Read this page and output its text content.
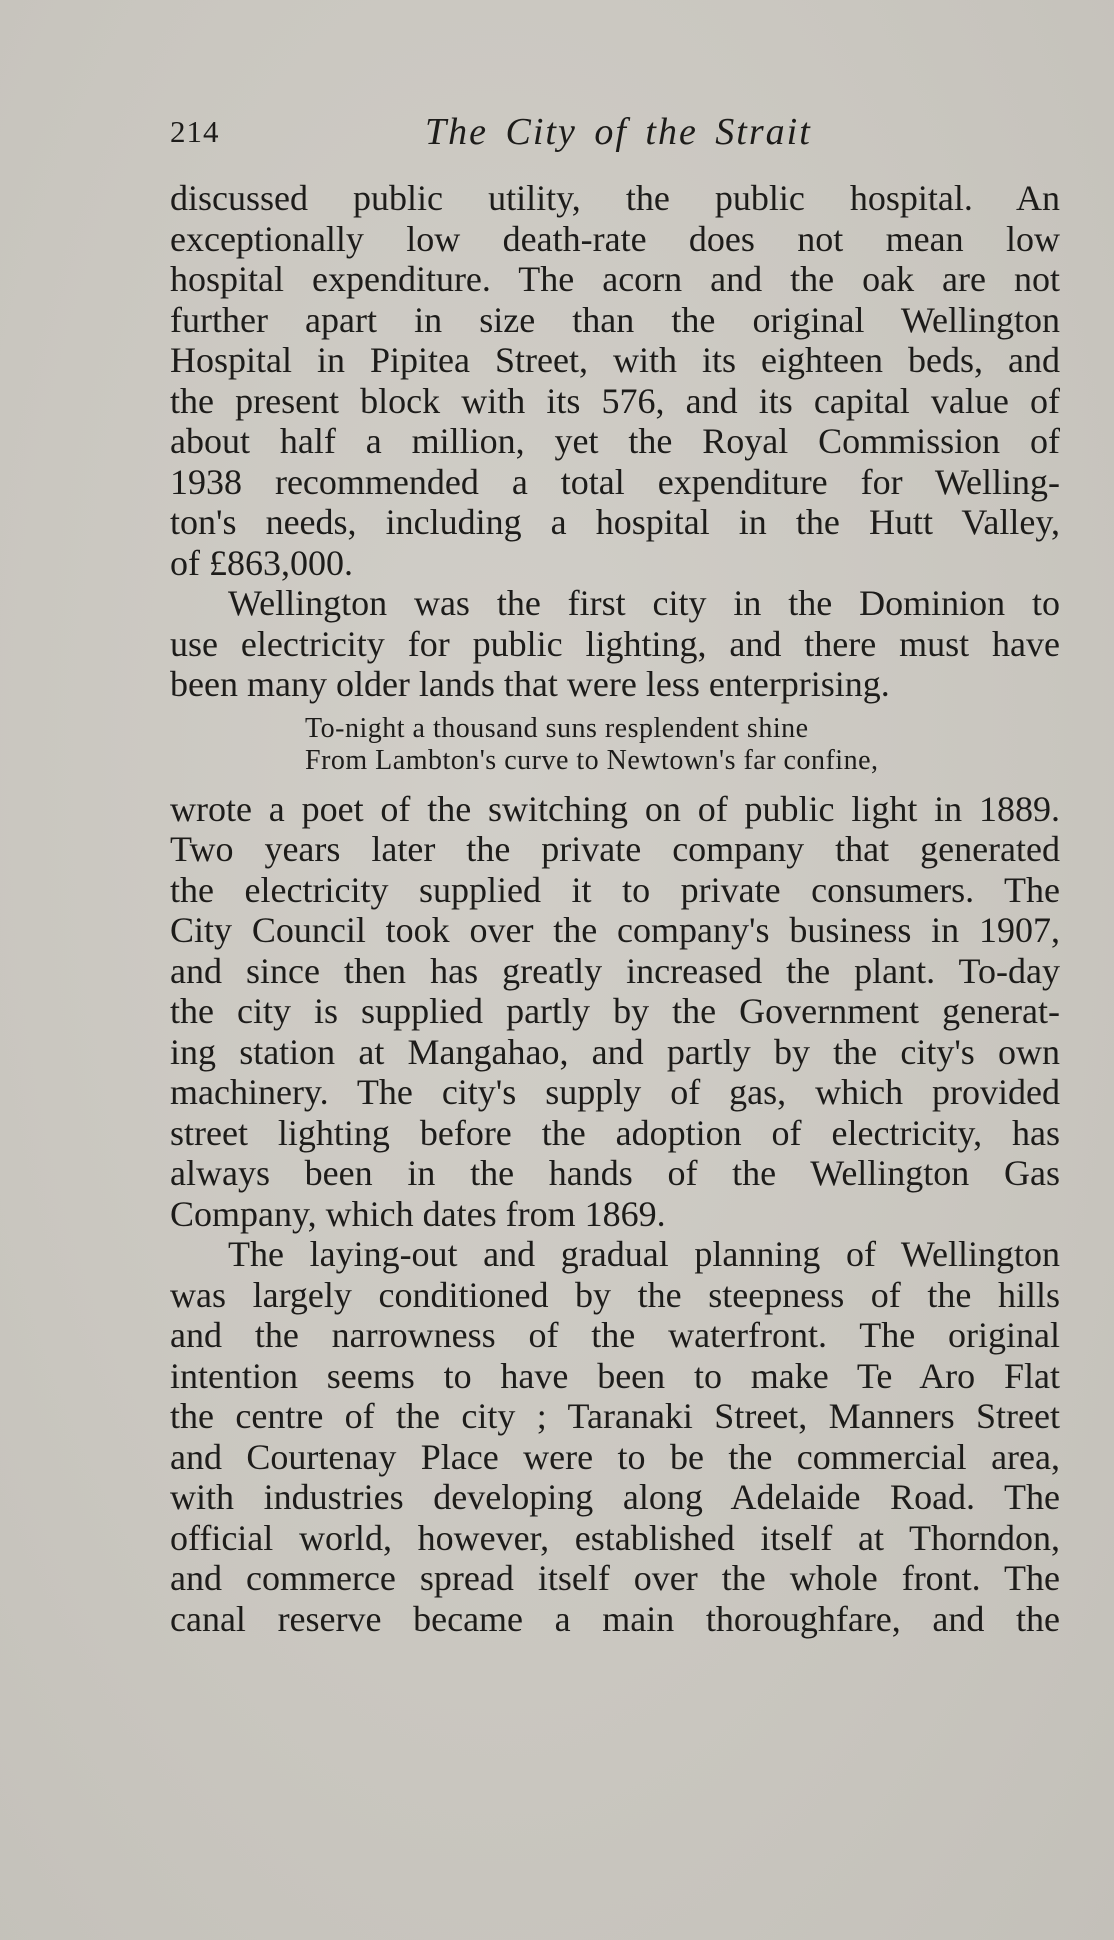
214	The City of the Strait
discussed public utility, the public hospital. An
exceptionally low death-rate does not mean low
hospital expenditure. The acorn and the oak are not
further apart in size than the original Wellington
Hospital in Pipitea Street, with its eighteen beds, and
the present block with its 576, and its capital value of
about half a million, yet the Royal Commission of
1938 recommended a total expenditure for Welling-
ton's needs, including a hospital in the Hutt Valley,
of £863,000.
Wellington was the first city in the Dominion to
use electricity for public lighting, and there must have
been many older lands that were less enterprising.
To-night a thousand suns resplendent shine
From Lambton's curve to Newtown's far confine,
wrote a poet of the switching on of public light in 1889.
Two years later the private company that generated
the electricity supplied it to private consumers. The
City Council took over the company's business in 1907,
and since then has greatly increased the plant. To-day
the city is supplied partly by the Government generat-
ing station at Mangahao, and partly by the city's own
machinery. The city's supply of gas, which provided
street lighting before the adoption of electricity, has
always been in the hands of the Wellington Gas
Company, which dates from 1869.
The laying-out and gradual planning of Wellington
was largely conditioned by the steepness of the hills
and the narrowness of the waterfront. The original
intention seems to have been to make Te Aro Flat
the centre of the city ; Taranaki Street, Manners Street
and Courtenay Place were to be the commercial area,
with industries developing along Adelaide Road. The
official world, however, established itself at Thorndon,
and commerce spread itself over the whole front. The
canal reserve became a main thoroughfare, and the
